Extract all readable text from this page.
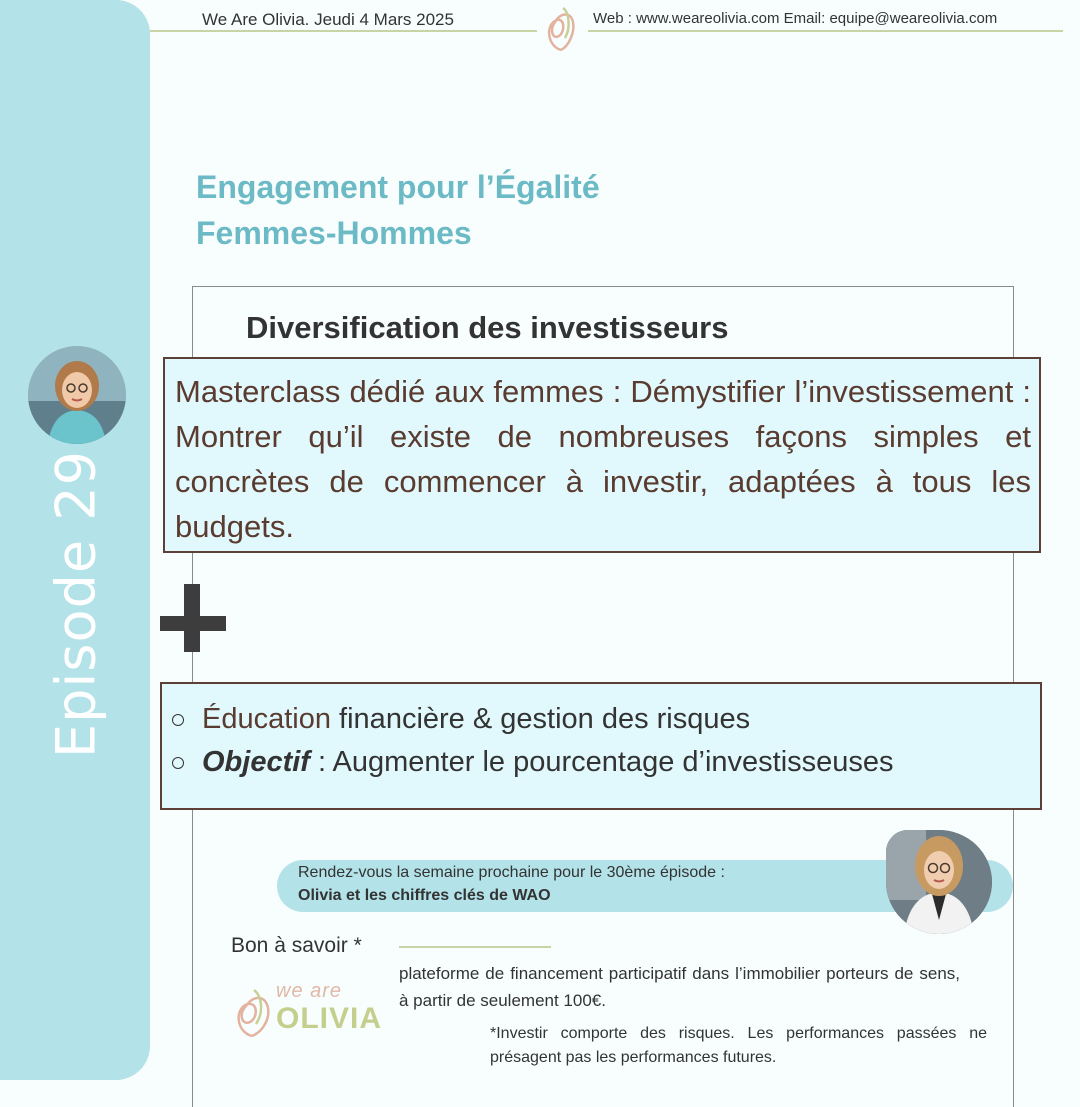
Episode 29
We Are Olivia. Jeudi 4 Mars 2025	Web : www.weareolivia.com Email: equipe@weareolivia.com
Engagement pour l’Égalité
Femmes-Hommes
Diversification des investisseurs

Masterclass dédié aux femmes : Démystifier l’investissement : Montrer qu’il existe de nombreuses façons simples et concrètes de commencer à investir, adaptées à tous les budgets.

Éducation financière & gestion des risques
Objectif : Augmenter le pourcentage d’investisseuses
Rendez-vous la semaine prochaine pour le 30ème épisode :
Olivia et les chiffres clés de WAO
Bon à savoir *
plateforme de financement participatif dans l’immobilier porteurs de sens, à partir de seulement 100€.
we are
OLIVIA	*Investir comporte des risques. Les performances passées ne présagent pas les performances futures.
